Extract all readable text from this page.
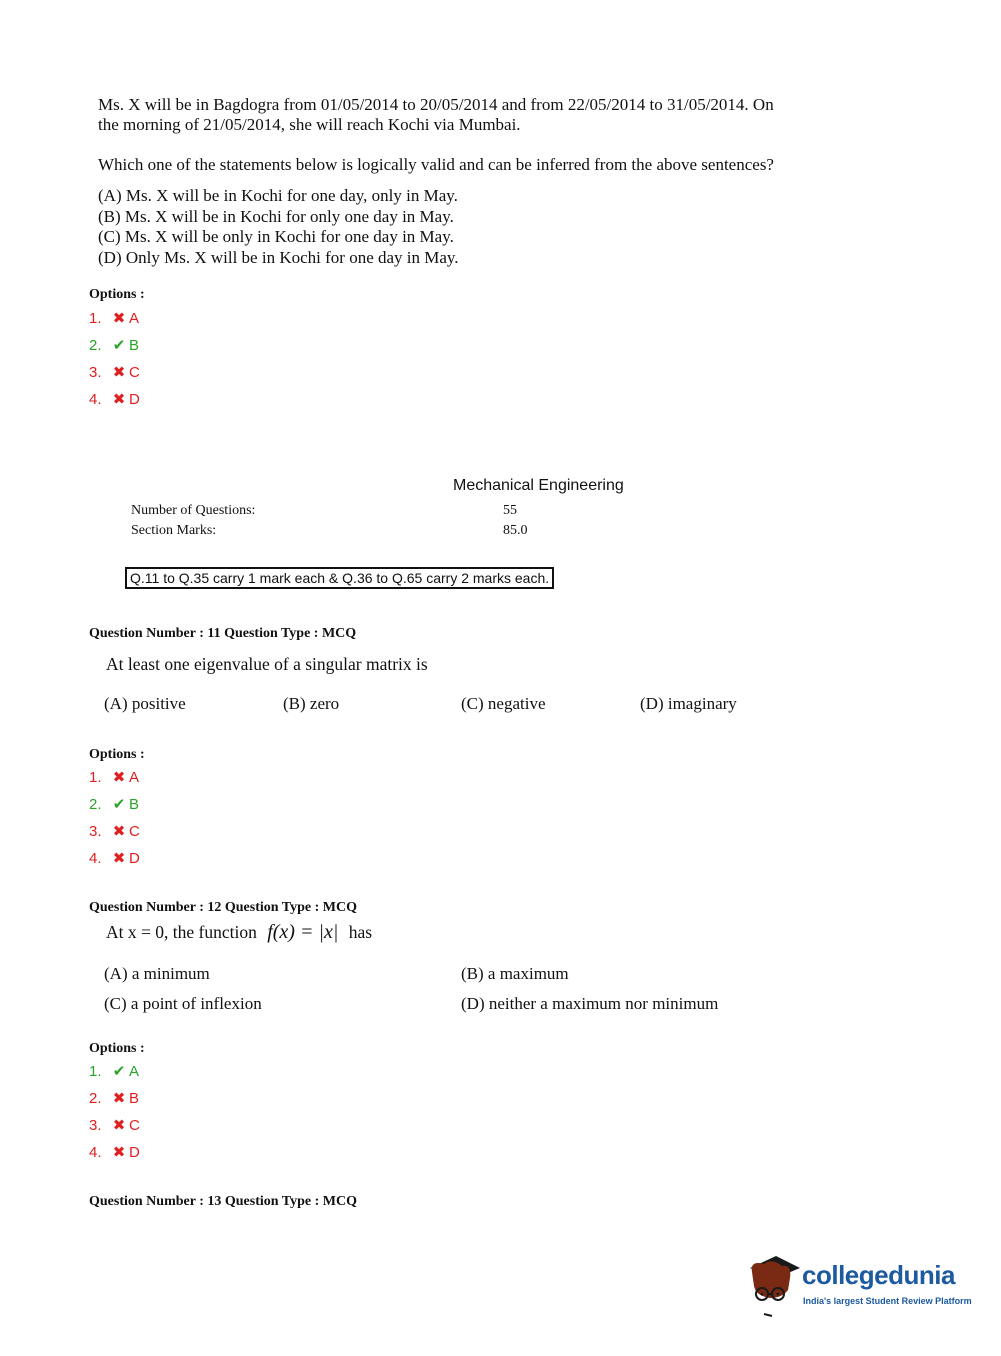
Ms. X will be in Bagdogra from 01/05/2014 to 20/05/2014 and from 22/05/2014 to 31/05/2014. On
the morning of 21/05/2014, she will reach Kochi via Mumbai.
Which one of the statements below is logically valid and can be inferred from the above sentences?
(A) Ms. X will be in Kochi for one day, only in May.
(B) Ms. X will be in Kochi for only one day in May.
(C) Ms. X will be only in Kochi for one day in May.
(D) Only Ms. X will be in Kochi for one day in May.
Options :
1. ✖ A
2. ✔ B
3. ✖ C
4. ✖ D
Mechanical Engineering
Number of Questions:	55
Section Marks:	85.0
Q.11 to Q.35 carry 1 mark each & Q.36 to Q.65 carry 2 marks each.
Question Number : 11 Question Type : MCQ
At least one eigenvalue of a singular matrix is
(A) positive	(B) zero	(C) negative	(D) imaginary
Options :
1. ✖ A
2. ✔ B
3. ✖ C
4. ✖ D
Question Number : 12 Question Type : MCQ
At x = 0, the function f(x) = |x| has
(A) a minimum	(B) a maximum
(C) a point of inflexion	(D) neither a maximum nor minimum
Options :
1. ✔ A
2. ✖ B
3. ✖ C
4. ✖ D
Question Number : 13 Question Type : MCQ
collegedunia
India's largest Student Review Platform
